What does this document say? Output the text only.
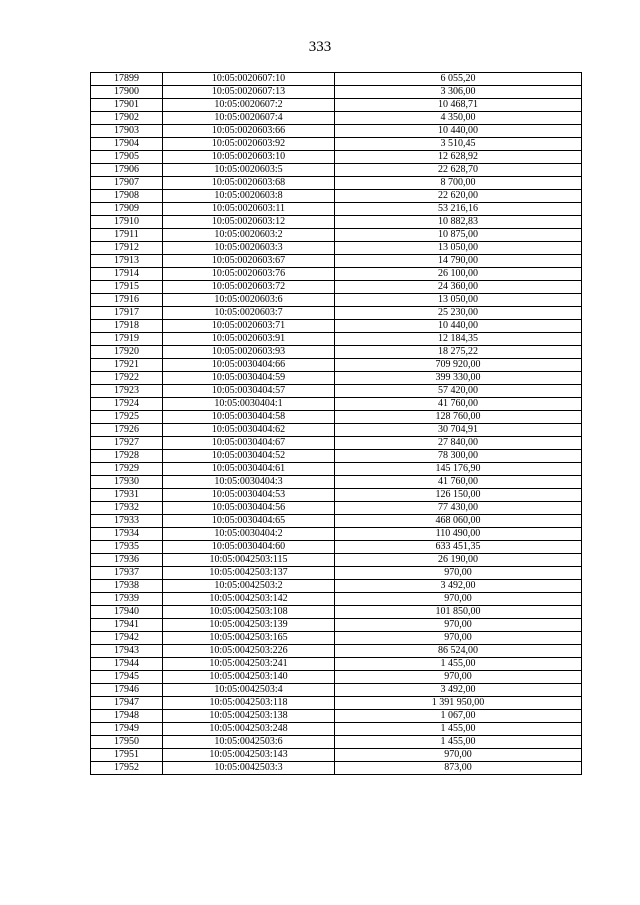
333
17899	10:05:0020607:10	6 055,20
17900	10:05:0020607:13	3 306,00
17901	10:05:0020607:2	10 468,71
17902	10:05:0020607:4	4 350,00
17903	10:05:0020603:66	10 440,00
17904	10:05:0020603:92	3 510,45
17905	10:05:0020603:10	12 628,92
17906	10:05:0020603:5	22 628,70
17907	10:05:0020603:68	8 700,00
17908	10:05:0020603:8	22 620,00
17909	10:05:0020603:11	53 216,16
17910	10:05:0020603:12	10 882,83
17911	10:05:0020603:2	10 875,00
17912	10:05:0020603:3	13 050,00
17913	10:05:0020603:67	14 790,00
17914	10:05:0020603:76	26 100,00
17915	10:05:0020603:72	24 360,00
17916	10:05:0020603:6	13 050,00
17917	10:05:0020603:7	25 230,00
17918	10:05:0020603:71	10 440,00
17919	10:05:0020603:91	12 184,35
17920	10:05:0020603:93	18 275,22
17921	10:05:0030404:66	709 920,00
17922	10:05:0030404:59	399 330,00
17923	10:05:0030404:57	57 420,00
17924	10:05:0030404:1	41 760,00
17925	10:05:0030404:58	128 760,00
17926	10:05:0030404:62	30 704,91
17927	10:05:0030404:67	27 840,00
17928	10:05:0030404:52	78 300,00
17929	10:05:0030404:61	145 176,90
17930	10:05:0030404:3	41 760,00
17931	10:05:0030404:53	126 150,00
17932	10:05:0030404:56	77 430,00
17933	10:05:0030404:65	468 060,00
17934	10:05:0030404:2	110 490,00
17935	10:05:0030404:60	633 451,35
17936	10:05:0042503:115	26 190,00
17937	10:05:0042503:137	970,00
17938	10:05:0042503:2	3 492,00
17939	10:05:0042503:142	970,00
17940	10:05:0042503:108	101 850,00
17941	10:05:0042503:139	970,00
17942	10:05:0042503:165	970,00
17943	10:05:0042503:226	86 524,00
17944	10:05:0042503:241	1 455,00
17945	10:05:0042503:140	970,00
17946	10:05:0042503:4	3 492,00
17947	10:05:0042503:118	1 391 950,00
17948	10:05:0042503:138	1 067,00
17949	10:05:0042503:248	1 455,00
17950	10:05:0042503:6	1 455,00
17951	10:05:0042503:143	970,00
17952	10:05:0042503:3	873,00
